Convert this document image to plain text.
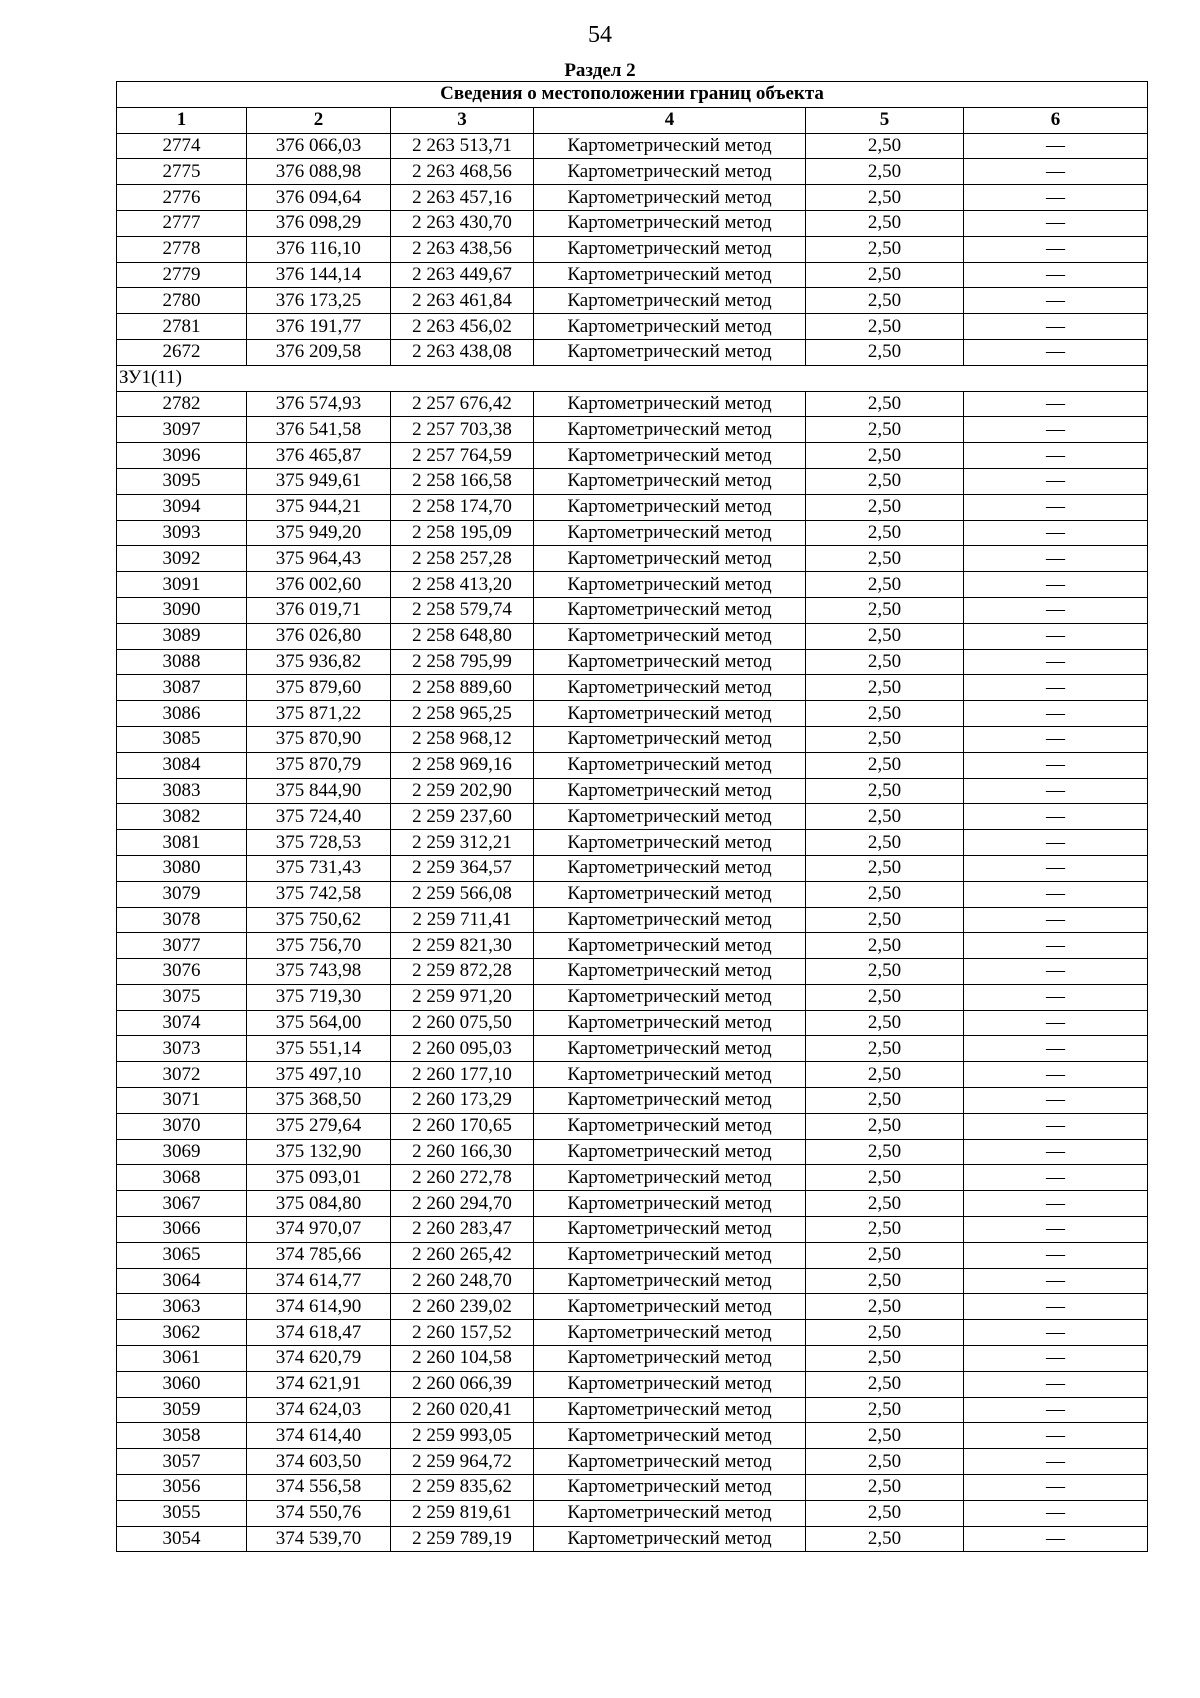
54
Раздел 2
Сведения о местоположении границ объекта					
1	2	3	4	5	6
2774	376 066,03	2 263 513,71	Картометрический метод	2,50	—
2775	376 088,98	2 263 468,56	Картометрический метод	2,50	—
2776	376 094,64	2 263 457,16	Картометрический метод	2,50	—
2777	376 098,29	2 263 430,70	Картометрический метод	2,50	—
2778	376 116,10	2 263 438,56	Картометрический метод	2,50	—
2779	376 144,14	2 263 449,67	Картометрический метод	2,50	—
2780	376 173,25	2 263 461,84	Картометрический метод	2,50	—
2781	376 191,77	2 263 456,02	Картометрический метод	2,50	—
2672	376 209,58	2 263 438,08	Картометрический метод	2,50	—
ЗУ1(11)					
2782	376 574,93	2 257 676,42	Картометрический метод	2,50	—
3097	376 541,58	2 257 703,38	Картометрический метод	2,50	—
3096	376 465,87	2 257 764,59	Картометрический метод	2,50	—
3095	375 949,61	2 258 166,58	Картометрический метод	2,50	—
3094	375 944,21	2 258 174,70	Картометрический метод	2,50	—
3093	375 949,20	2 258 195,09	Картометрический метод	2,50	—
3092	375 964,43	2 258 257,28	Картометрический метод	2,50	—
3091	376 002,60	2 258 413,20	Картометрический метод	2,50	—
3090	376 019,71	2 258 579,74	Картометрический метод	2,50	—
3089	376 026,80	2 258 648,80	Картометрический метод	2,50	—
3088	375 936,82	2 258 795,99	Картометрический метод	2,50	—
3087	375 879,60	2 258 889,60	Картометрический метод	2,50	—
3086	375 871,22	2 258 965,25	Картометрический метод	2,50	—
3085	375 870,90	2 258 968,12	Картометрический метод	2,50	—
3084	375 870,79	2 258 969,16	Картометрический метод	2,50	—
3083	375 844,90	2 259 202,90	Картометрический метод	2,50	—
3082	375 724,40	2 259 237,60	Картометрический метод	2,50	—
3081	375 728,53	2 259 312,21	Картометрический метод	2,50	—
3080	375 731,43	2 259 364,57	Картометрический метод	2,50	—
3079	375 742,58	2 259 566,08	Картометрический метод	2,50	—
3078	375 750,62	2 259 711,41	Картометрический метод	2,50	—
3077	375 756,70	2 259 821,30	Картометрический метод	2,50	—
3076	375 743,98	2 259 872,28	Картометрический метод	2,50	—
3075	375 719,30	2 259 971,20	Картометрический метод	2,50	—
3074	375 564,00	2 260 075,50	Картометрический метод	2,50	—
3073	375 551,14	2 260 095,03	Картометрический метод	2,50	—
3072	375 497,10	2 260 177,10	Картометрический метод	2,50	—
3071	375 368,50	2 260 173,29	Картометрический метод	2,50	—
3070	375 279,64	2 260 170,65	Картометрический метод	2,50	—
3069	375 132,90	2 260 166,30	Картометрический метод	2,50	—
3068	375 093,01	2 260 272,78	Картометрический метод	2,50	—
3067	375 084,80	2 260 294,70	Картометрический метод	2,50	—
3066	374 970,07	2 260 283,47	Картометрический метод	2,50	—
3065	374 785,66	2 260 265,42	Картометрический метод	2,50	—
3064	374 614,77	2 260 248,70	Картометрический метод	2,50	—
3063	374 614,90	2 260 239,02	Картометрический метод	2,50	—
3062	374 618,47	2 260 157,52	Картометрический метод	2,50	—
3061	374 620,79	2 260 104,58	Картометрический метод	2,50	—
3060	374 621,91	2 260 066,39	Картометрический метод	2,50	—
3059	374 624,03	2 260 020,41	Картометрический метод	2,50	—
3058	374 614,40	2 259 993,05	Картометрический метод	2,50	—
3057	374 603,50	2 259 964,72	Картометрический метод	2,50	—
3056	374 556,58	2 259 835,62	Картометрический метод	2,50	—
3055	374 550,76	2 259 819,61	Картометрический метод	2,50	—
3054	374 539,70	2 259 789,19	Картометрический метод	2,50	—
